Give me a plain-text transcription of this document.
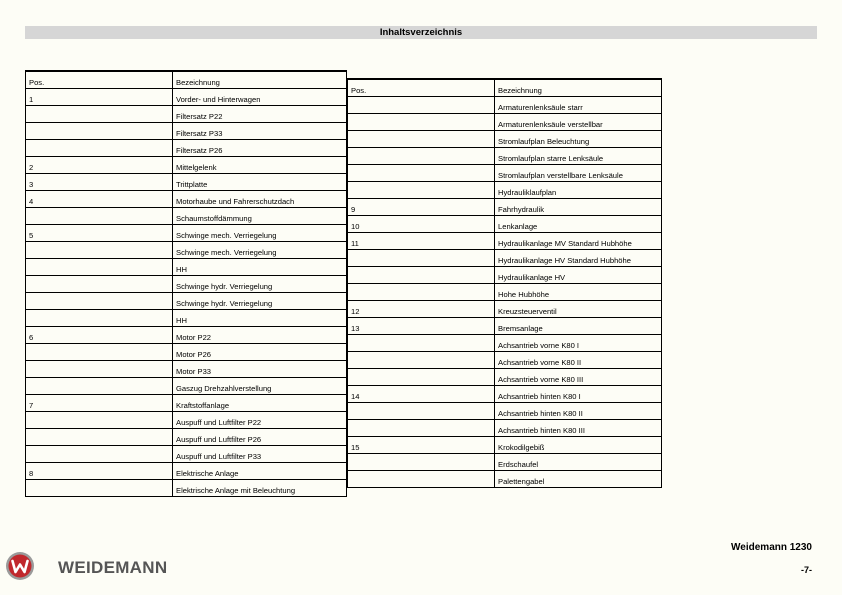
Inhaltsverzeichnis
Pos.	Bezeichnung
1	Vorder- und Hinterwagen
	Filtersatz P22
	Filtersatz P33
	Filtersatz P26
2	Mittelgelenk
3	Trittplatte
4	Motorhaube und Fahrerschutzdach
	Schaumstoffdämmung
5	Schwinge mech. Verriegelung
	Schwinge mech. Verriegelung
	HH
	Schwinge hydr. Verriegelung
	Schwinge hydr. Verriegelung
	HH
6	Motor P22
	Motor P26
	Motor P33
	Gaszug Drehzahlverstellung
7	Kraftstoffanlage
	Auspuff und Luftfilter P22
	Auspuff und Luftfilter P26
	Auspuff und Luftfilter P33
8	Elektrische Anlage
	Elektrische Anlage mit Beleuchtung
Pos.	Bezeichnung
	Armaturenlenksäule starr
	Armaturenlenksäule verstellbar
	Stromlaufplan Beleuchtung
	Stromlaufplan starre Lenksäule
	Stromlaufplan verstellbare Lenksäule
	Hydrauliklaufplan
9	Fahrhydraulik
10	Lenkanlage
11	Hydraulikanlage MV Standard Hubhöhe
	Hydraulikanlage HV Standard Hubhöhe
	Hydraulikanlage HV
	Hohe Hubhöhe
12	Kreuzsteuerventil
13	Bremsanlage
	Achsantrieb vorne K80 I
	Achsantrieb vorne K80 II
	Achsantrieb vorne K80 III
14	Achsantrieb hinten K80 I
	Achsantrieb hinten K80 II
	Achsantrieb hinten K80 III
15	Krokodilgebiß
	Erdschaufel
	Palettengabel
WEIDEMANN
Weidemann 1230
-7-
